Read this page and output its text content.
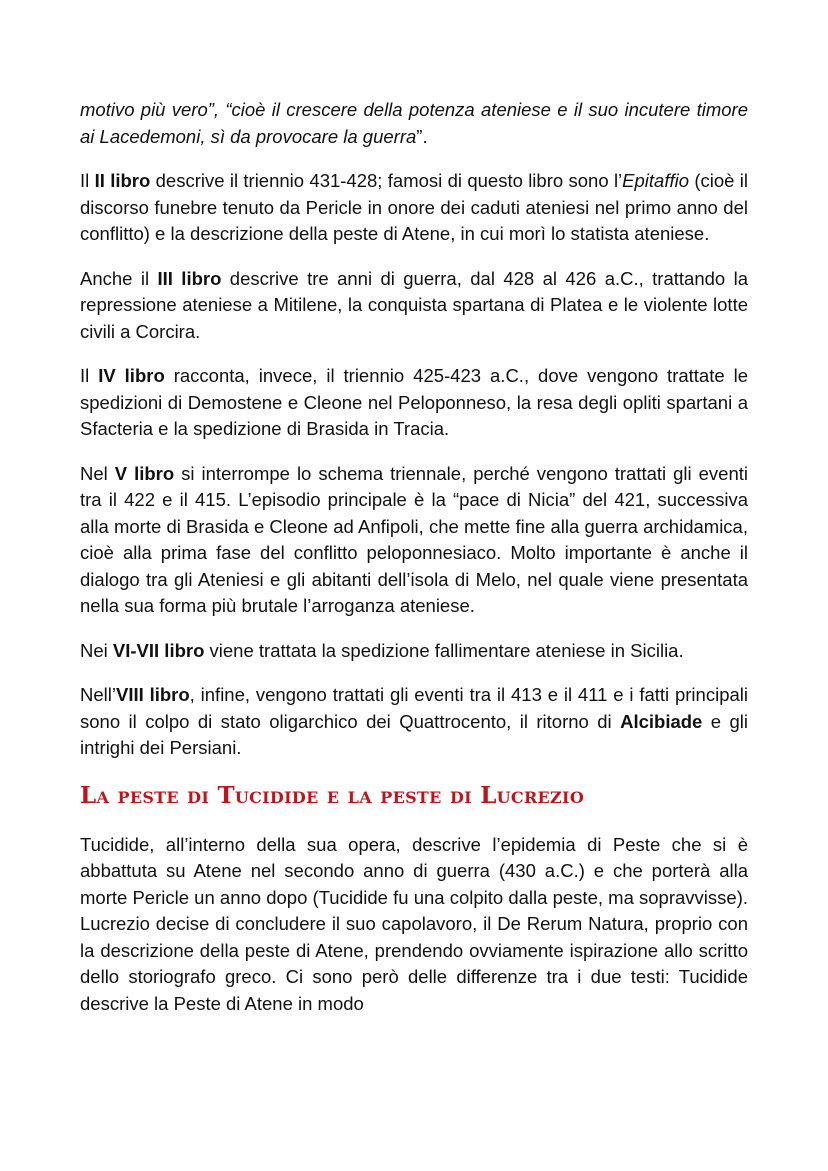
motivo più vero”, “cioè il crescere della potenza ateniese e il suo incutere timore ai Lacedemoni, sì da provocare la guerra”.

Il II libro descrive il triennio 431-428; famosi di questo libro sono l’Epitaffio (cioè il discorso funebre tenuto da Pericle in onore dei caduti ateniesi nel primo anno del conflitto) e la descrizione della peste di Atene, in cui morì lo statista ateniese.

Anche il III libro descrive tre anni di guerra, dal 428 al 426 a.C., trattando la repressione ateniese a Mitilene, la conquista spartana di Platea e le violente lotte civili a Corcira.

Il IV libro racconta, invece, il triennio 425-423 a.C., dove vengono trattate le spedizioni di Demostene e Cleone nel Peloponneso, la resa degli opliti spartani a Sfacteria e la spedizione di Brasida in Tracia.

Nel V libro si interrompe lo schema triennale, perché vengono trattati gli eventi tra il 422 e il 415. L’episodio principale è la “pace di Nicia” del 421, successiva alla morte di Brasida e Cleone ad Anfipoli, che mette fine alla guerra archidamica, cioè alla prima fase del conflitto peloponnesiaco. Molto importante è anche il dialogo tra gli Ateniesi e gli abitanti dell’isola di Melo, nel quale viene presentata nella sua forma più brutale l’arroganza ateniese.

Nei VI-VII libro viene trattata la spedizione fallimentare ateniese in Sicilia.

Nell’VIII libro, infine, vengono trattati gli eventi tra il 413 e il 411 e i fatti principali sono il colpo di stato oligarchico dei Quattrocento, il ritorno di Alcibiade e gli intrighi dei Persiani.

La peste di Tucidide e la peste di Lucrezio

Tucidide, all’interno della sua opera, descrive l’epidemia di Peste che si è abbattuta su Atene nel secondo anno di guerra (430 a.C.) e che porterà alla morte Pericle un anno dopo (Tucidide fu una colpito dalla peste, ma sopravvisse). Lucrezio decise di concludere il suo capolavoro, il De Rerum Natura, proprio con la descrizione della peste di Atene, prendendo ovviamente ispirazione allo scritto dello storiografo greco. Ci sono però delle differenze tra i due testi: Tucidide descrive la Peste di Atene in modo
